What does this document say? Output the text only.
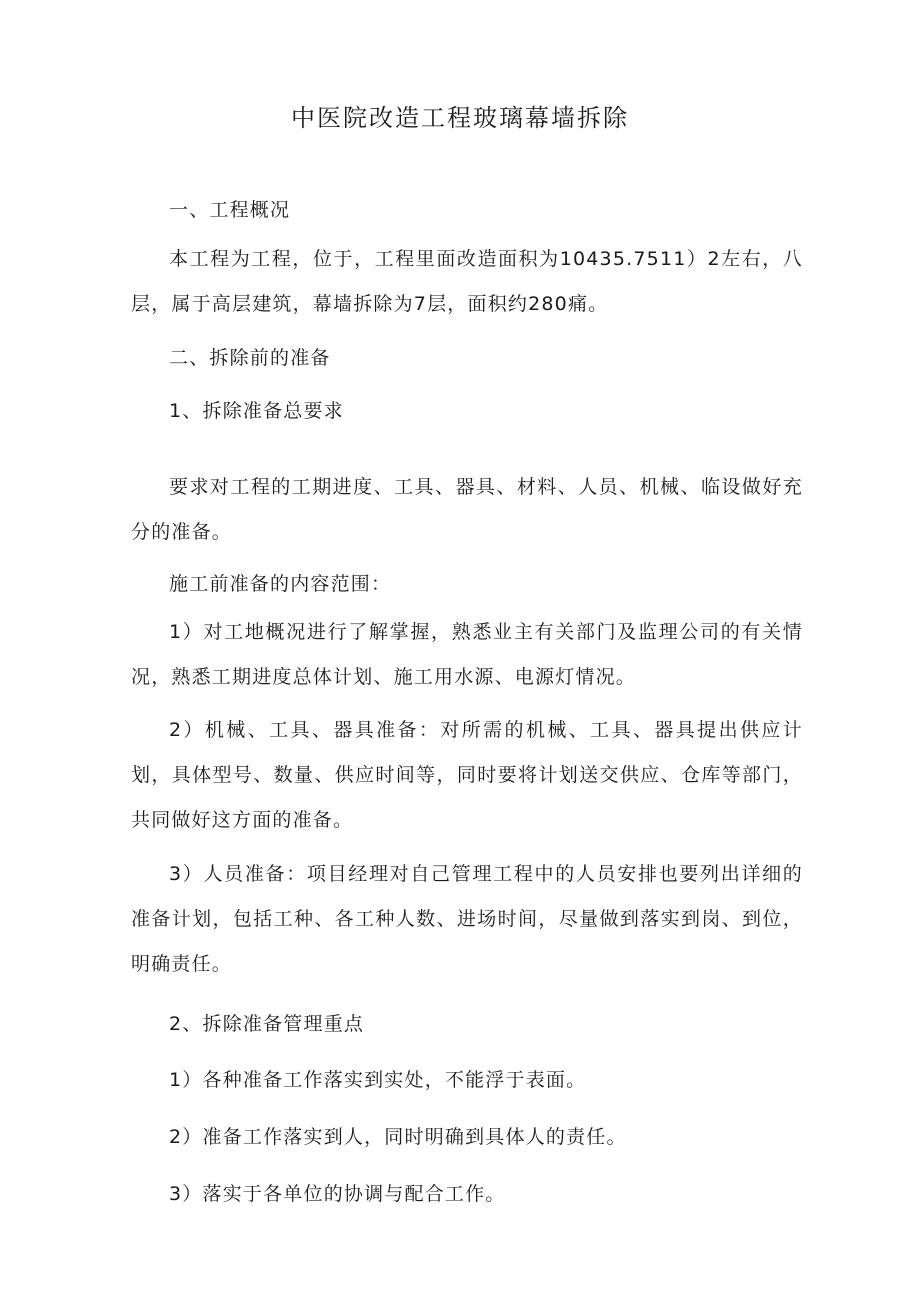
中医院改造工程玻璃幕墙拆除

一、工程概况

本工程为工程，位于，工程里面改造面积为10435.7511）2左右，八层，属于高层建筑，幕墙拆除为7层，面积约280痛。

二、拆除前的准备

1、拆除准备总要求

要求对工程的工期进度、工具、器具、材料、人员、机械、临设做好充分的准备。

施工前准备的内容范围：

1）对工地概况进行了解掌握，熟悉业主有关部门及监理公司的有关情况，熟悉工期进度总体计划、施工用水源、电源灯情况。

2）机械、工具、器具准备：对所需的机械、工具、器具提出供应计划，具体型号、数量、供应时间等，同时要将计划送交供应、仓库等部门，共同做好这方面的准备。

3）人员准备：项目经理对自己管理工程中的人员安排也要列出详细的准备计划，包括工种、各工种人数、进场时间，尽量做到落实到岗、到位，明确责任。

2、拆除准备管理重点

1）各种准备工作落实到实处，不能浮于表面。

2）准备工作落实到人，同时明确到具体人的责任。

3）落实于各单位的协调与配合工作。
